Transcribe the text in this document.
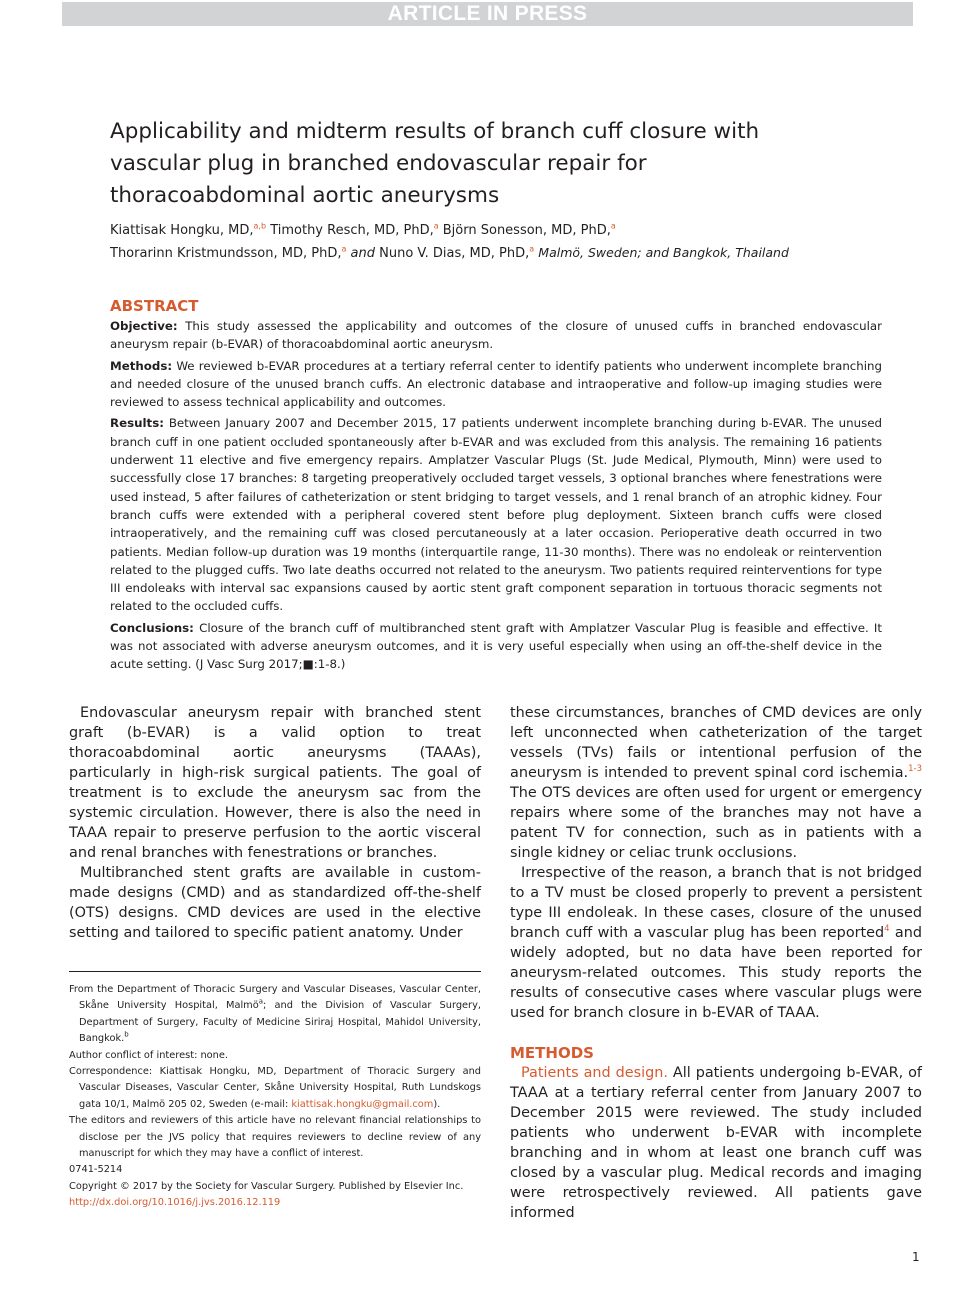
ARTICLE IN PRESS
Applicability and midterm results of branch cuff closure with vascular plug in branched endovascular repair for thoracoabdominal aortic aneurysms
Kiattisak Hongku, MD,$^{a,b}$ Timothy Resch, MD, PhD,$^a$ Björn Sonesson, MD, PhD,$^a$
Thorarinn Kristmundsson, MD, PhD,$^a$ and Nuno V. Dias, MD, PhD,$^a$ Malmö, Sweden; and Bangkok, Thailand
ABSTRACT

Objective: This study assessed the applicability and outcomes of the closure of unused cuffs in branched endovascular aneurysm repair (b-EVAR) of thoracoabdominal aortic aneurysm.

Methods: We reviewed b-EVAR procedures at a tertiary referral center to identify patients who underwent incomplete branching and needed closure of the unused branch cuffs. An electronic database and intraoperative and follow-up imaging studies were reviewed to assess technical applicability and outcomes.

Results: Between January 2007 and December 2015, 17 patients underwent incomplete branching during b-EVAR. The unused branch cuff in one patient occluded spontaneously after b-EVAR and was excluded from this analysis. The remaining 16 patients underwent 11 elective and five emergency repairs. Amplatzer Vascular Plugs (St. Jude Medical, Plymouth, Minn) were used to successfully close 17 branches: 8 targeting preoperatively occluded target vessels, 3 optional branches where fenestrations were used instead, 5 after failures of catheterization or stent bridging to target vessels, and 1 renal branch of an atrophic kidney. Four branch cuffs were extended with a peripheral covered stent before plug deployment. Sixteen branch cuffs were closed intraoperatively, and the remaining cuff was closed percutaneously at a later occasion. Perioperative death occurred in two patients. Median follow-up duration was 19 months (interquartile range, 11-30 months). There was no endoleak or reintervention related to the plugged cuffs. Two late deaths occurred not related to the aneurysm. Two patients required reinterventions for type III endoleaks with interval sac expansions caused by aortic stent graft component separation in tortuous thoracic segments not related to the occluded cuffs.

Conclusions: Closure of the branch cuff of multibranched stent graft with Amplatzer Vascular Plug is feasible and effective. It was not associated with adverse aneurysm outcomes, and it is very useful especially when using an off-the-shelf device in the acute setting. (J Vasc Surg 2017;■:1-8.)

Endovascular aneurysm repair with branched stent graft (b-EVAR) is a valid option to treat thoracoabdominal aortic aneurysms (TAAAs), particularly in high-risk surgical patients. The goal of treatment is to exclude the aneurysm sac from the systemic circulation. However, there is also the need in TAAA repair to preserve perfusion to the aortic visceral and renal branches with fenestrations or branches.

Multibranched stent grafts are available in custom-made designs (CMD) and as standardized off-the-shelf (OTS) designs. CMD devices are used in the elective setting and tailored to specific patient anatomy. Under

From the Department of Thoracic Surgery and Vascular Diseases, Vascular Center, Skåne University Hospital, Malmö$^a$; and the Division of Vascular Surgery, Department of Surgery, Faculty of Medicine Siriraj Hospital, Mahidol University, Bangkok.$^b$
Author conflict of interest: none.
Correspondence: Kiattisak Hongku, MD, Department of Thoracic Surgery and Vascular Diseases, Vascular Center, Skåne University Hospital, Ruth Lundskogs gata 10/1, Malmö 205 02, Sweden (e-mail: kiattisak.hongku@gmail.com).
The editors and reviewers of this article have no relevant financial relationships to disclose per the JVS policy that requires reviewers to decline review of any manuscript for which they may have a conflict of interest.
0741-5214
Copyright © 2017 by the Society for Vascular Surgery. Published by Elsevier Inc.
http://dx.doi.org/10.1016/j.jvs.2016.12.119

these circumstances, branches of CMD devices are only left unconnected when catheterization of the target vessels (TVs) fails or intentional perfusion of the aneurysm is intended to prevent spinal cord ischemia.$^{1-3}$ The OTS devices are often used for urgent or emergency repairs where some of the branches may not have a patent TV for connection, such as in patients with a single kidney or celiac trunk occlusions.

Irrespective of the reason, a branch that is not bridged to a TV must be closed properly to prevent a persistent type III endoleak. In these cases, closure of the unused branch cuff with a vascular plug has been reported$^4$ and widely adopted, but no data have been reported for aneurysm-related outcomes. This study reports the results of consecutive cases where vascular plugs were used for branch closure in b-EVAR of TAAA.

METHODS

Patients and design. All patients undergoing b-EVAR, of TAAA at a tertiary referral center from January 2007 to December 2015 were reviewed. The study included patients who underwent b-EVAR with incomplete branching and in whom at least one branch cuff was closed by a vascular plug. Medical records and imaging were retrospectively reviewed. All patients gave informed

1
